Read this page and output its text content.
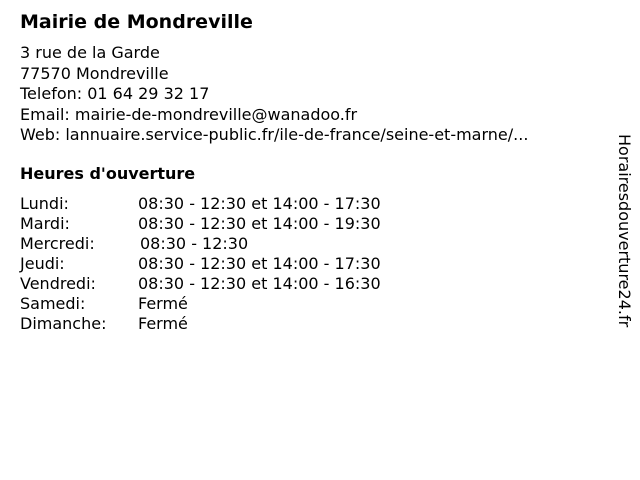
Mairie de Mondreville
3 rue de la Garde
77570 Mondreville
Telefon: 01 64 29 32 17
Email: mairie-de-mondreville@wanadoo.fr
Web: lannuaire.service-public.fr/ile-de-france/seine-et-marne/...
Heures d'ouverture
Lundi:	08:30 - 12:30 et 14:00 - 17:30
Mardi:	08:30 - 12:30 et 14:00 - 19:30
Mercredi:	08:30 - 12:30
Jeudi:	08:30 - 12:30 et 14:00 - 17:30
Vendredi:	08:30 - 12:30 et 14:00 - 16:30
Samedi:	Fermé
Dimanche: Fermé	Horairesdouverture24.fr
